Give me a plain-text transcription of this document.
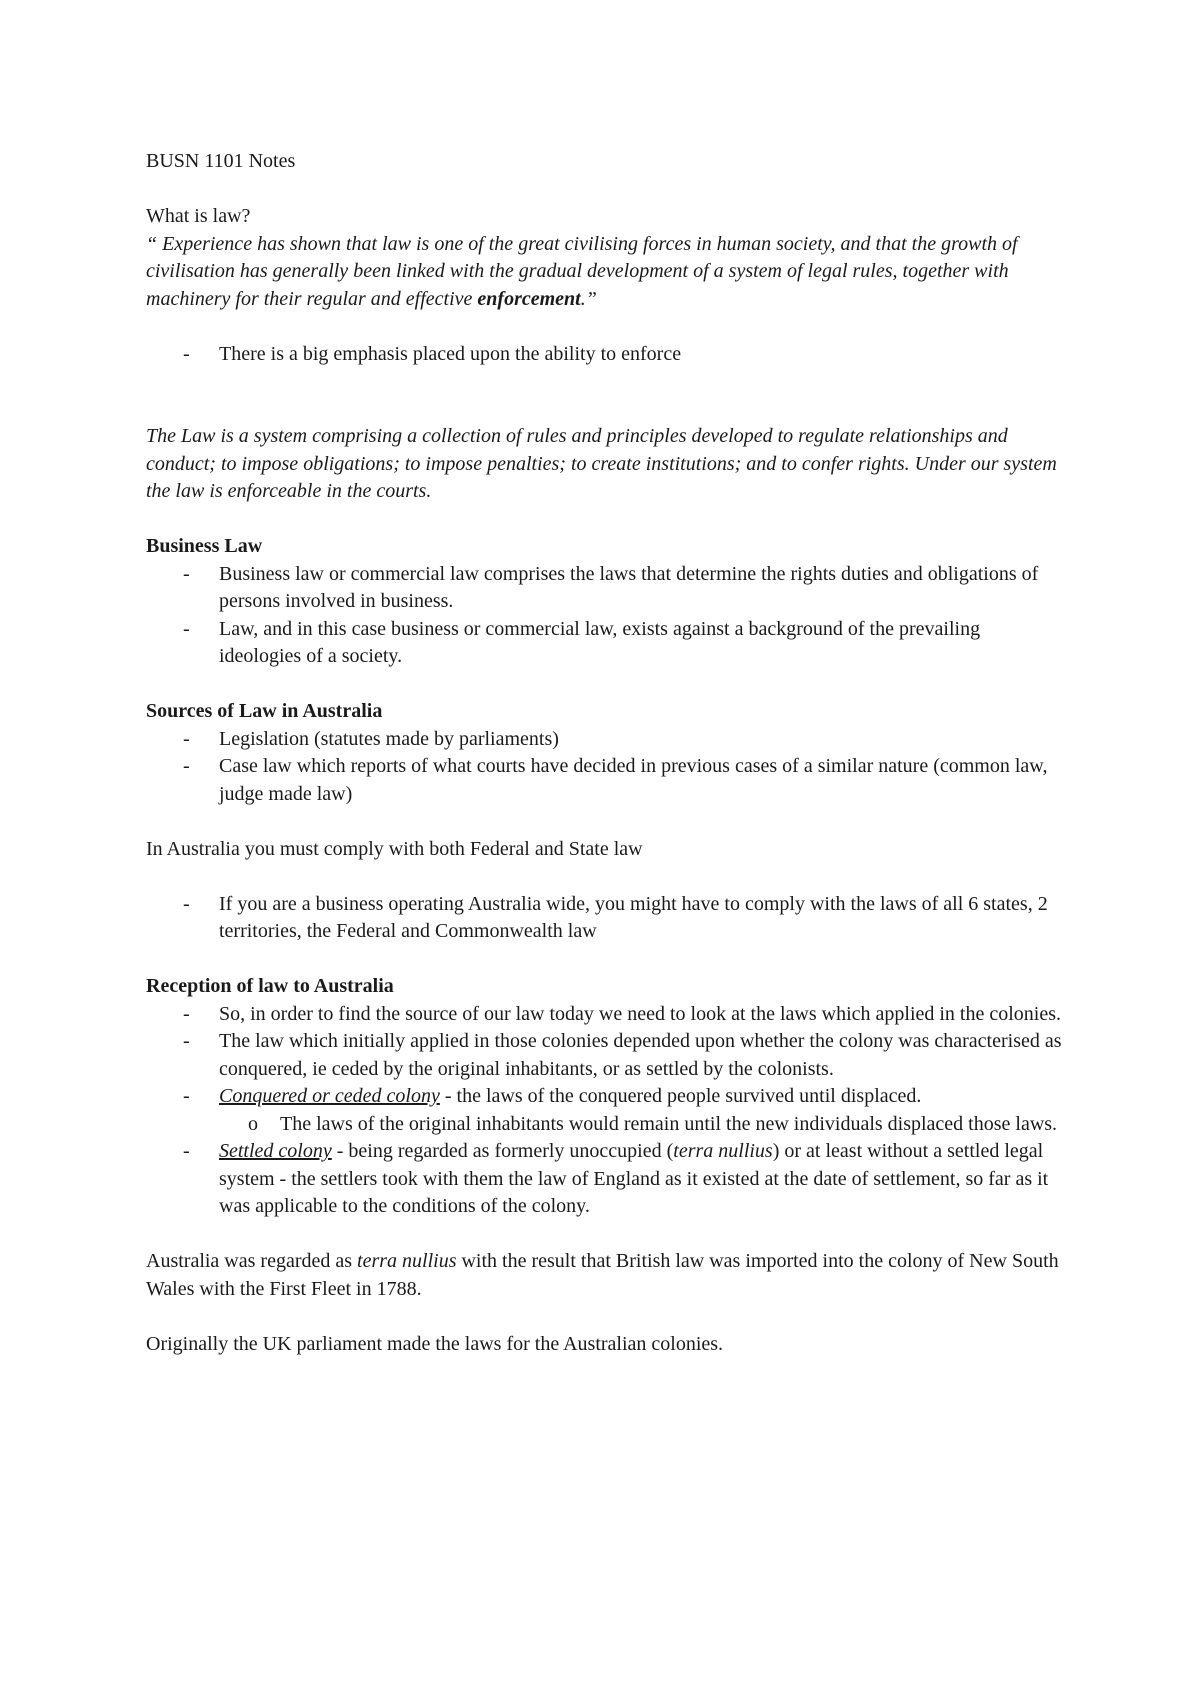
BUSN 1101 Notes

What is law?

“ Experience has shown that law is one of the great civilising forces in human society, and that the growth of civilisation has generally been linked with the gradual development of a system of legal rules, together with machinery for their regular and effective enforcement.”

- There is a big emphasis placed upon the ability to enforce

The Law is a system comprising a collection of rules and principles developed to regulate relationships and conduct; to impose obligations; to impose penalties; to create institutions; and to confer rights. Under our system the law is enforceable in the courts.

Business Law

- Business law or commercial law comprises the laws that determine the rights duties and obligations of persons involved in business.
- Law, and in this case business or commercial law, exists against a background of the prevailing ideologies of a society.

Sources of Law in Australia

- Legislation (statutes made by parliaments)
- Case law which reports of what courts have decided in previous cases of a similar nature (common law, judge made law)

In Australia you must comply with both Federal and State law

- If you are a business operating Australia wide, you might have to comply with the laws of all 6 states, 2 territories, the Federal and Commonwealth law

Reception of law to Australia

- So, in order to find the source of our law today we need to look at the laws which applied in the colonies.
- The law which initially applied in those colonies depended upon whether the colony was characterised as conquered, ie ceded by the original inhabitants, or as settled by the colonists.
- Conquered or ceded colony - the laws of the conquered people survived until displaced.
o The laws of the original inhabitants would remain until the new individuals displaced those laws.
- Settled colony - being regarded as formerly unoccupied (terra nullius) or at least without a settled legal system - the settlers took with them the law of England as it existed at the date of settlement, so far as it was applicable to the conditions of the colony.

Australia was regarded as terra nullius with the result that British law was imported into the colony of New South Wales with the First Fleet in 1788.

Originally the UK parliament made the laws for the Australian colonies.
